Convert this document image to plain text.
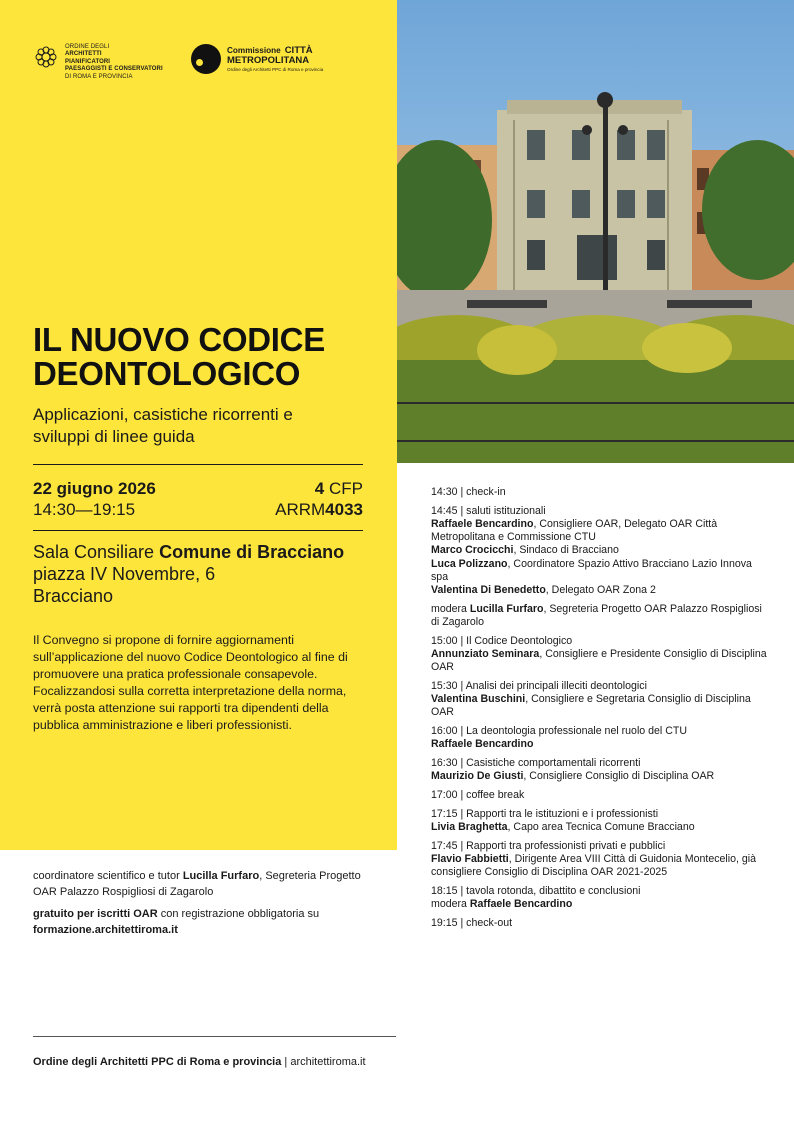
ORDINE DEGLI
ARCHITETTI
PIANIFICATORI
PAESAGGISTI E CONSERVATORI
DI ROMA E PROVINCIA
Commissione CITTÀ
METROPOLITANA
Ordine degli Architetti PPC di Roma e provincia
IL NUOVO CODICE
DEONTOLOGICO

Applicazioni, casistiche ricorrenti e sviluppi di linee guida

22 giugno 2026
14:30—19:15
4 CFP
ARRM4033
Sala Consiliare Comune di Bracciano
piazza IV Novembre, 6
Bracciano

Il Convegno si propone di fornire aggiornamenti sull’applicazione del nuovo Codice Deontologico al fine di promuovere una pratica professionale consapevole. Focalizzandosi sulla corretta interpretazione della norma, verrà posta attenzione sui rapporti tra dipendenti della pubblica amministrazione e liberi professionisti.

coordinatore scientifico e tutor Lucilla Furfaro, Segreteria Progetto OAR Palazzo Rospigliosi di Zagarolo

gratuito per iscritti OAR con registrazione obbligatoria su
formazione.architettiroma.it

Ordine degli Architetti PPC di Roma e provincia | architettiroma.it
14:30 | check-in
14:45 | saluti istituzionali
Raffaele Bencardino, Consigliere OAR, Delegato OAR Città Metropolitana e Commissione CTU
Marco Crocicchi, Sindaco di Bracciano
Luca Polizzano, Coordinatore Spazio Attivo Bracciano Lazio Innova spa
Valentina Di Benedetto, Delegato OAR Zona 2
modera Lucilla Furfaro, Segreteria Progetto OAR Palazzo Rospigliosi di Zagarolo
15:00 | Il Codice Deontologico
Annunziato Seminara, Consigliere e Presidente Consiglio di Disciplina OAR
15:30 | Analisi dei principali illeciti deontologici
Valentina Buschini, Consigliere e Segretaria Consiglio di Disciplina OAR
16:00 | La deontologia professionale nel ruolo del CTU
Raffaele Bencardino
16:30 | Casistiche comportamentali ricorrenti
Maurizio De Giusti, Consigliere Consiglio di Disciplina OAR
17:00 | coffee break
17:15 | Rapporti tra le istituzioni e i professionisti
Livia Braghetta, Capo area Tecnica Comune Bracciano
17:45 | Rapporti tra professionisti privati e pubblici
Flavio Fabbietti, Dirigente Area VIII Città di Guidonia Montecelio, già consigliere Consiglio di Disciplina OAR 2021-2025
18:15 | tavola rotonda, dibattito e conclusioni
modera Raffaele Bencardino
19:15 | check-out
